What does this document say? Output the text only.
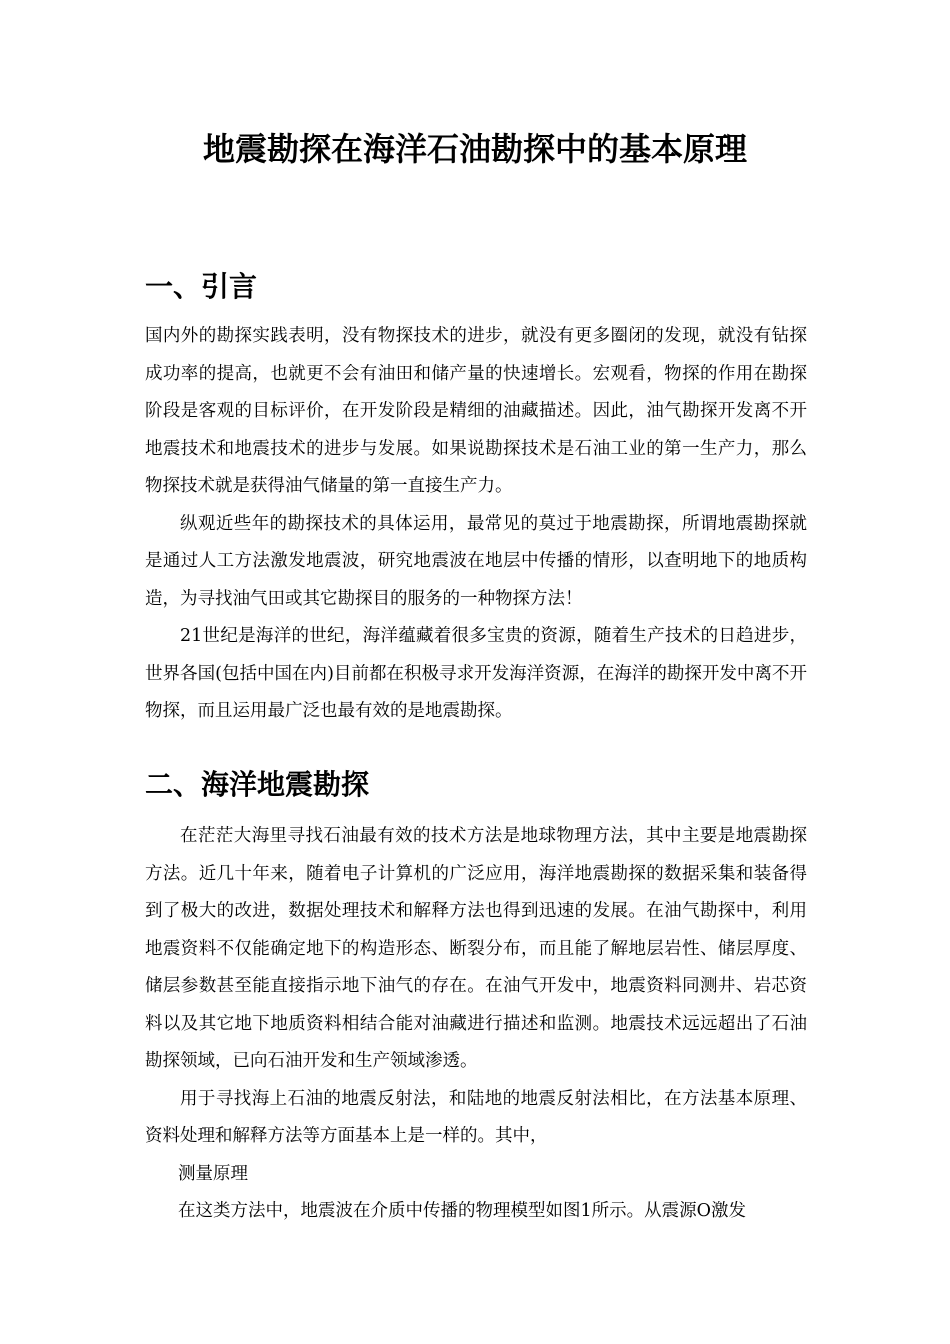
地震勘探在海洋石油勘探中的基本原理
一、引言

国内外的勘探实践表明，没有物探技术的进步，就没有更多圈闭的发现，就没有钻探成功率的提高，也就更不会有油田和储产量的快速增长。宏观看，物探的作用在勘探阶段是客观的目标评价，在开发阶段是精细的油藏描述。因此，油气勘探开发离不开地震技术和地震技术的进步与发展。如果说勘探技术是石油工业的第一生产力，那么物探技术就是获得油气储量的第一直接生产力。

纵观近些年的勘探技术的具体运用，最常见的莫过于地震勘探，所谓地震勘探就是通过人工方法激发地震波，研究地震波在地层中传播的情形，以查明地下的地质构造，为寻找油气田或其它勘探目的服务的一种物探方法！

21世纪是海洋的世纪，海洋蕴藏着很多宝贵的资源，随着生产技术的日趋进步，世界各国(包括中国在内)目前都在积极寻求开发海洋资源，在海洋的勘探开发中离不开物探，而且运用最广泛也最有效的是地震勘探。

二、海洋地震勘探

在茫茫大海里寻找石油最有效的技术方法是地球物理方法，其中主要是地震勘探方法。近几十年来，随着电子计算机的广泛应用，海洋地震勘探的数据采集和装备得到了极大的改进，数据处理技术和解释方法也得到迅速的发展。在油气勘探中，利用地震资料不仅能确定地下的构造形态、断裂分布，而且能了解地层岩性、储层厚度、储层参数甚至能直接指示地下油气的存在。在油气开发中，地震资料同测井、岩芯资料以及其它地下地质资料相结合能对油藏进行描述和监测。地震技术远远超出了石油勘探领域，已向石油开发和生产领域渗透。

用于寻找海上石油的地震反射法，和陆地的地震反射法相比，在方法基本原理、资料处理和解释方法等方面基本上是一样的。其中，

测量原理

在这类方法中，地震波在介质中传播的物理模型如图1所示。从震源O激发
